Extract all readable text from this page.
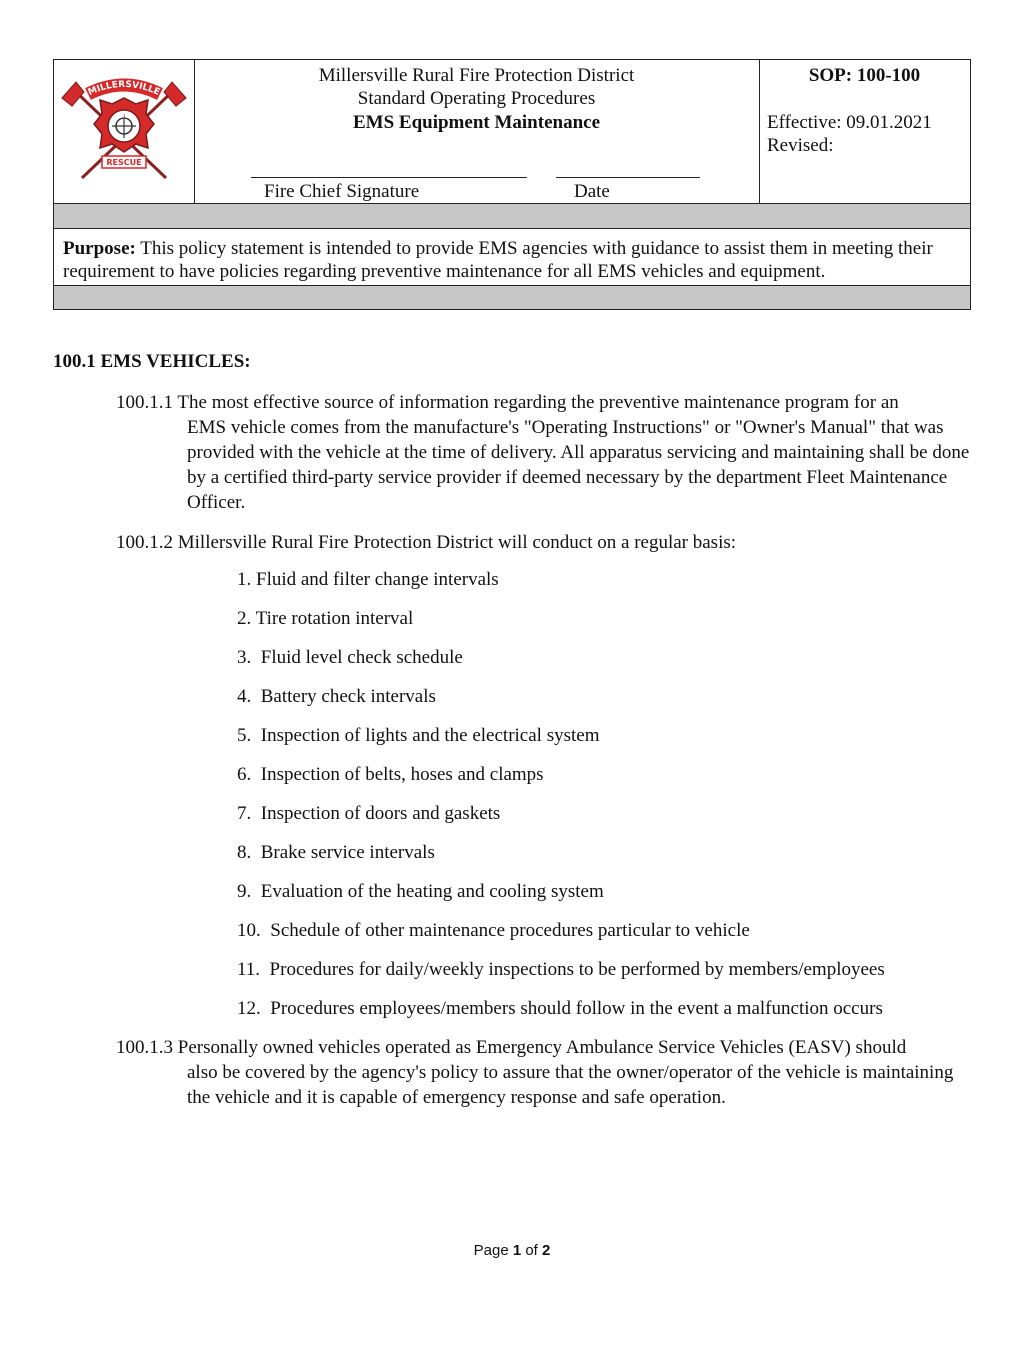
MILLERSVILLE
FIRE
RESCUE
Millersville Rural Fire Protection District
Standard Operating Procedures
EMS Equipment Maintenance
Fire Chief Signature	Date
SOP: 100-100
Effective: 09.01.2021
Revised:
Purpose: This policy statement is intended to provide EMS agencies with guidance to assist them in meeting their requirement to have policies regarding preventive maintenance for all EMS vehicles and equipment.
100.1 EMS VEHICLES:
100.1.1 The most effective source of information regarding the preventive maintenance program for an
EMS vehicle comes from the manufacture's "Operating Instructions" or "Owner's Manual" that was provided with the vehicle at the time of delivery. All apparatus servicing and maintaining shall be done by a certified third-party service provider if deemed necessary by the department Fleet Maintenance Officer.
100.1.2 Millersville Rural Fire Protection District will conduct on a regular basis:
1. Fluid and filter change intervals
2. Tire rotation interval
3.  Fluid level check schedule
4.  Battery check intervals
5.  Inspection of lights and the electrical system
6.  Inspection of belts, hoses and clamps
7.  Inspection of doors and gaskets
8.  Brake service intervals
9.  Evaluation of the heating and cooling system
10.  Schedule of other maintenance procedures particular to vehicle
11.  Procedures for daily/weekly inspections to be performed by members/employees
12.  Procedures employees/members should follow in the event a malfunction occurs
100.1.3 Personally owned vehicles operated as Emergency Ambulance Service Vehicles (EASV) should
also be covered by the agency's policy to assure that the owner/operator of the vehicle is maintaining the vehicle and it is capable of emergency response and safe operation.
Page 1 of 2
